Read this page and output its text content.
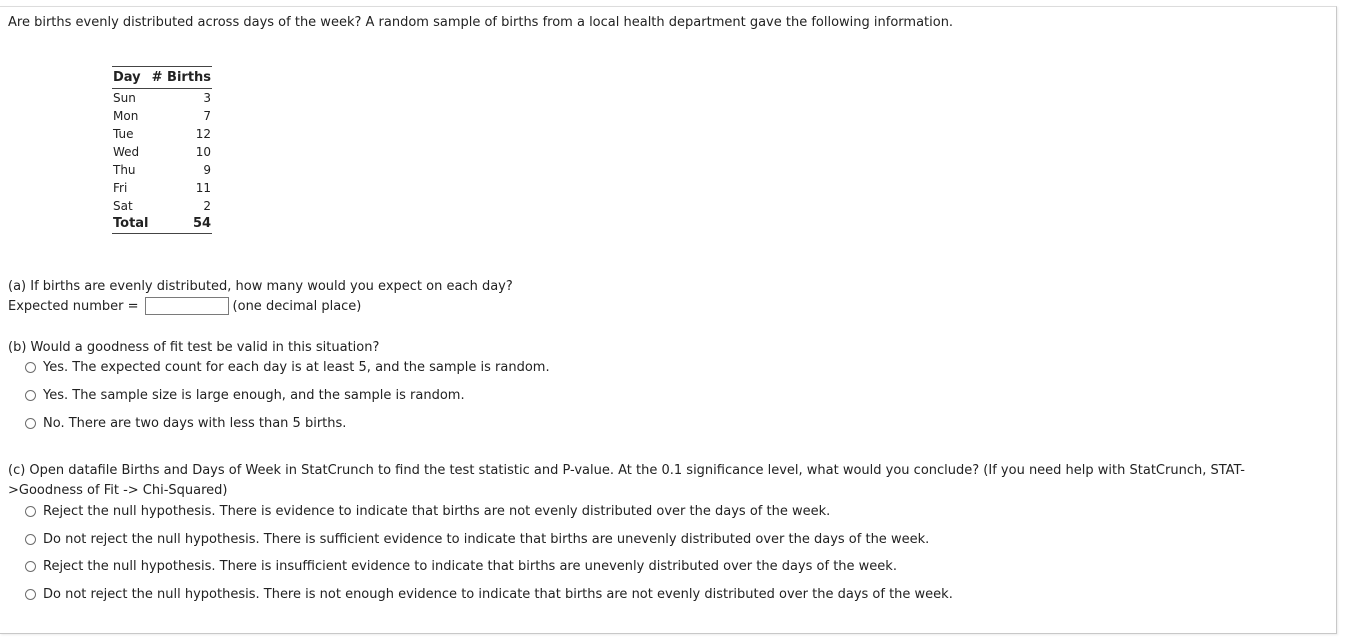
Are births evenly distributed across days of the week? A random sample of births from a local health department gave the following information.
Day	# Births
Sun	3
Mon	7
Tue	12
Wed	10
Thu	9
Fri	11
Sat	2
Total	54
(a) If births are evenly distributed, how many would you expect on each day?
Expected number =	(one decimal place)
(b) Would a goodness of fit test be valid in this situation?
Yes. The expected count for each day is at least 5, and the sample is random.
Yes. The sample size is large enough, and the sample is random.
No. There are two days with less than 5 births.
(c) Open datafile Births and Days of Week in StatCrunch to find the test statistic and P-value. At the 0.1 significance level, what would you conclude? (If you need help with StatCrunch, STAT->Goodness of Fit -> Chi-Squared)
Reject the null hypothesis. There is evidence to indicate that births are not evenly distributed over the days of the week.
Do not reject the null hypothesis. There is sufficient evidence to indicate that births are unevenly distributed over the days of the week.
Reject the null hypothesis. There is insufficient evidence to indicate that births are unevenly distributed over the days of the week.
Do not reject the null hypothesis. There is not enough evidence to indicate that births are not evenly distributed over the days of the week.
